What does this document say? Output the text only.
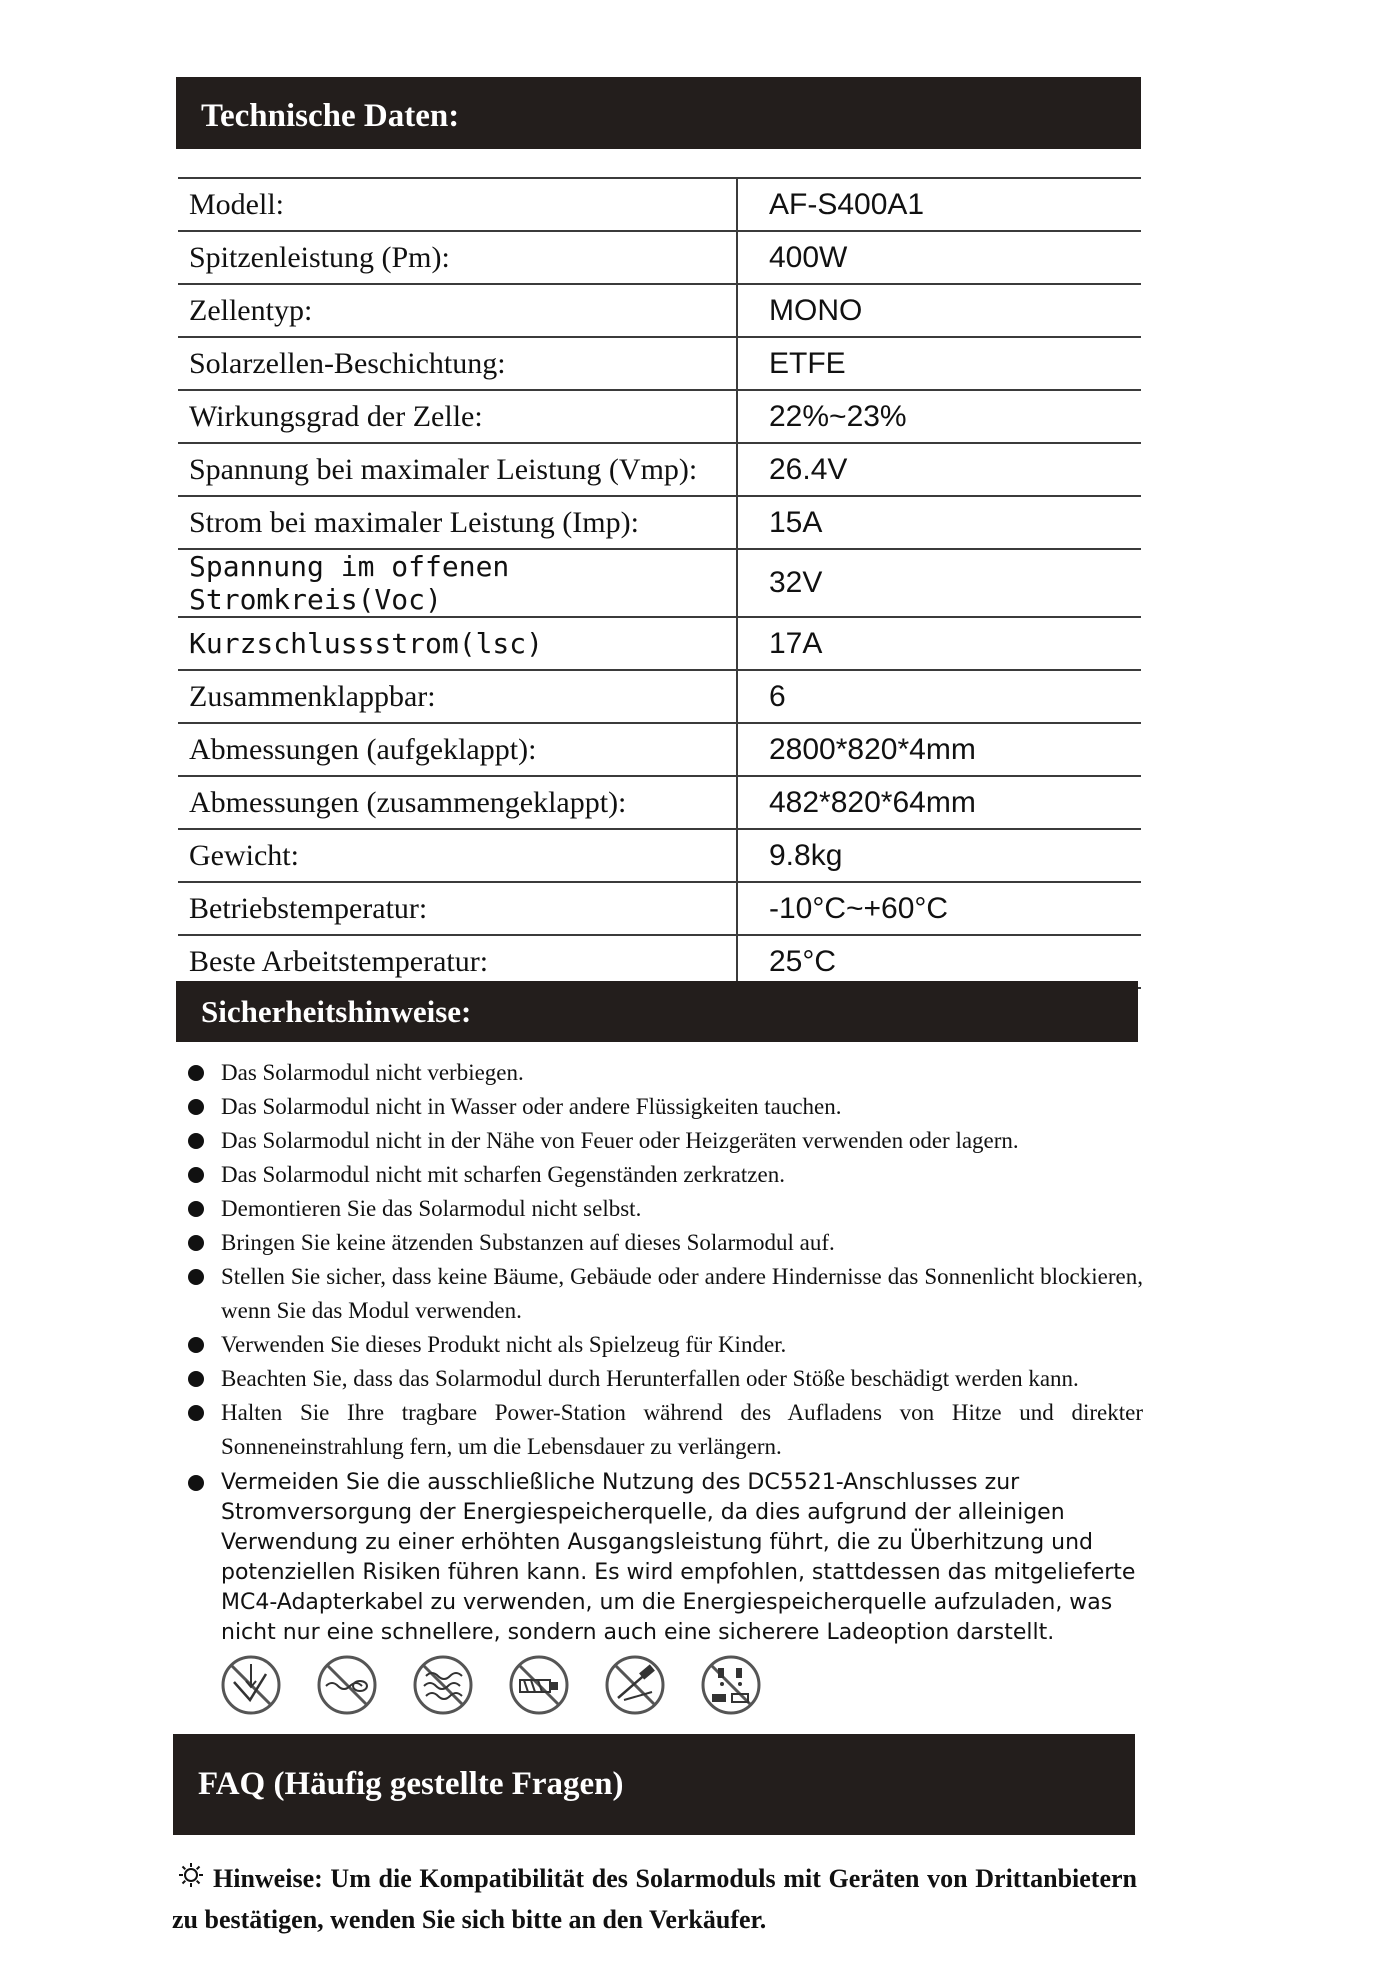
Technische Daten:
Modell:	AF-S400A1
Spitzenleistung (Pm):	400W
Zellentyp:	MONO
Solarzellen-Beschichtung:	ETFE
Wirkungsgrad der Zelle:	22%~23%
Spannung bei maximaler Leistung (Vmp):	26.4V
Strom bei maximaler Leistung (Imp):	15A
Spannung im offenen Stromkreis(Voc)	32V
Kurzschlussstrom(lsc)	17A
Zusammenklappbar:	6
Abmessungen (aufgeklappt):	2800*820*4mm
Abmessungen (zusammengeklappt):	482*820*64mm
Gewicht:	9.8kg
Betriebstemperatur:	-10°C~+60°C
Beste Arbeitstemperatur:	25°C
Sicherheitshinweise:
Das Solarmodul nicht verbiegen.
Das Solarmodul nicht in Wasser oder andere Flüssigkeiten tauchen.
Das Solarmodul nicht in der Nähe von Feuer oder Heizgeräten verwenden oder lagern.
Das Solarmodul nicht mit scharfen Gegenständen zerkratzen.
Demontieren Sie das Solarmodul nicht selbst.
Bringen Sie keine ätzenden Substanzen auf dieses Solarmodul auf.
Stellen Sie sicher, dass keine Bäume, Gebäude oder andere Hindernisse das Sonnenlicht blockieren, wenn Sie das Modul verwenden.
Verwenden Sie dieses Produkt nicht als Spielzeug für Kinder.
Beachten Sie, dass das Solarmodul durch Herunterfallen oder Stöße beschädigt werden kann.
Halten Sie Ihre tragbare Power-Station während des Aufladens von Hitze und direkter Sonneneinstrahlung fern, um die Lebensdauer zu verlängern.
Vermeiden Sie die ausschließliche Nutzung des DC5521-Anschlusses zur Stromversorgung der Energiespeicherquelle, da dies aufgrund der alleinigen Verwendung zu einer erhöhten Ausgangsleistung führt, die zu Überhitzung und potenziellen Risiken führen kann. Es wird empfohlen, stattdessen das mitgelieferte MC4-Adapterkabel zu verwenden, um die Energiespeicherquelle aufzuladen, was nicht nur eine schnellere, sondern auch eine sicherere Ladeoption darstellt.
FAQ (Häufig gestellte Fragen)
Hinweise: Um die Kompatibilität des Solarmoduls mit Geräten von Drittanbietern zu bestätigen, wenden Sie sich bitte an den Verkäufer.
